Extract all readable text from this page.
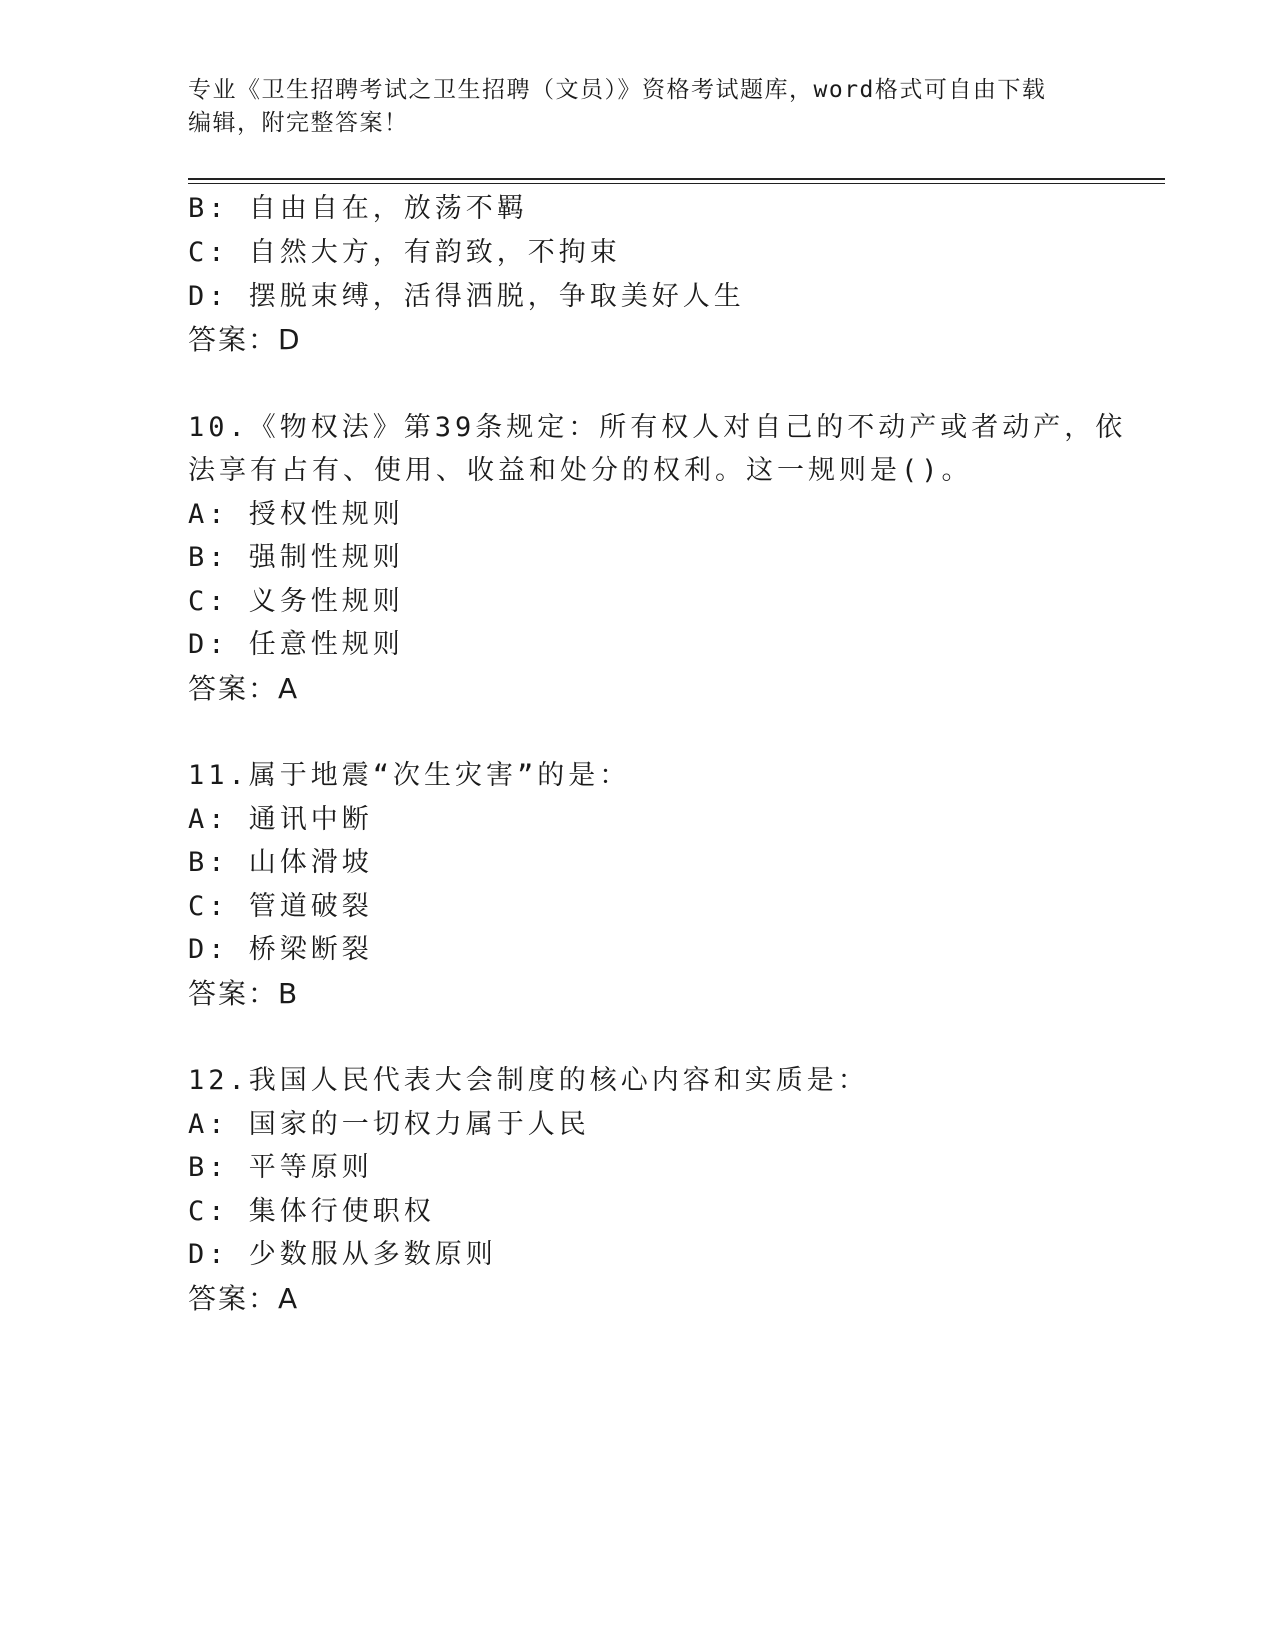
专业《卫生招聘考试之卫生招聘（文员）》资格考试题库，word格式可自由下载
编辑，附完整答案！
B: 自由自在，放荡不羁
C: 自然大方，有韵致，不拘束
D: 摆脱束缚，活得洒脱，争取美好人生
答案：D
10.《物权法》第39条规定：所有权人对自己的不动产或者动产，依
法享有占有、使用、收益和处分的权利。这一规则是()。
A: 授权性规则
B: 强制性规则
C: 义务性规则
D: 任意性规则
答案：A
11.属于地震“次生灾害”的是：
A: 通讯中断
B: 山体滑坡
C: 管道破裂
D: 桥梁断裂
答案：B
12.我国人民代表大会制度的核心内容和实质是：
A: 国家的一切权力属于人民
B: 平等原则
C: 集体行使职权
D: 少数服从多数原则
答案：A
